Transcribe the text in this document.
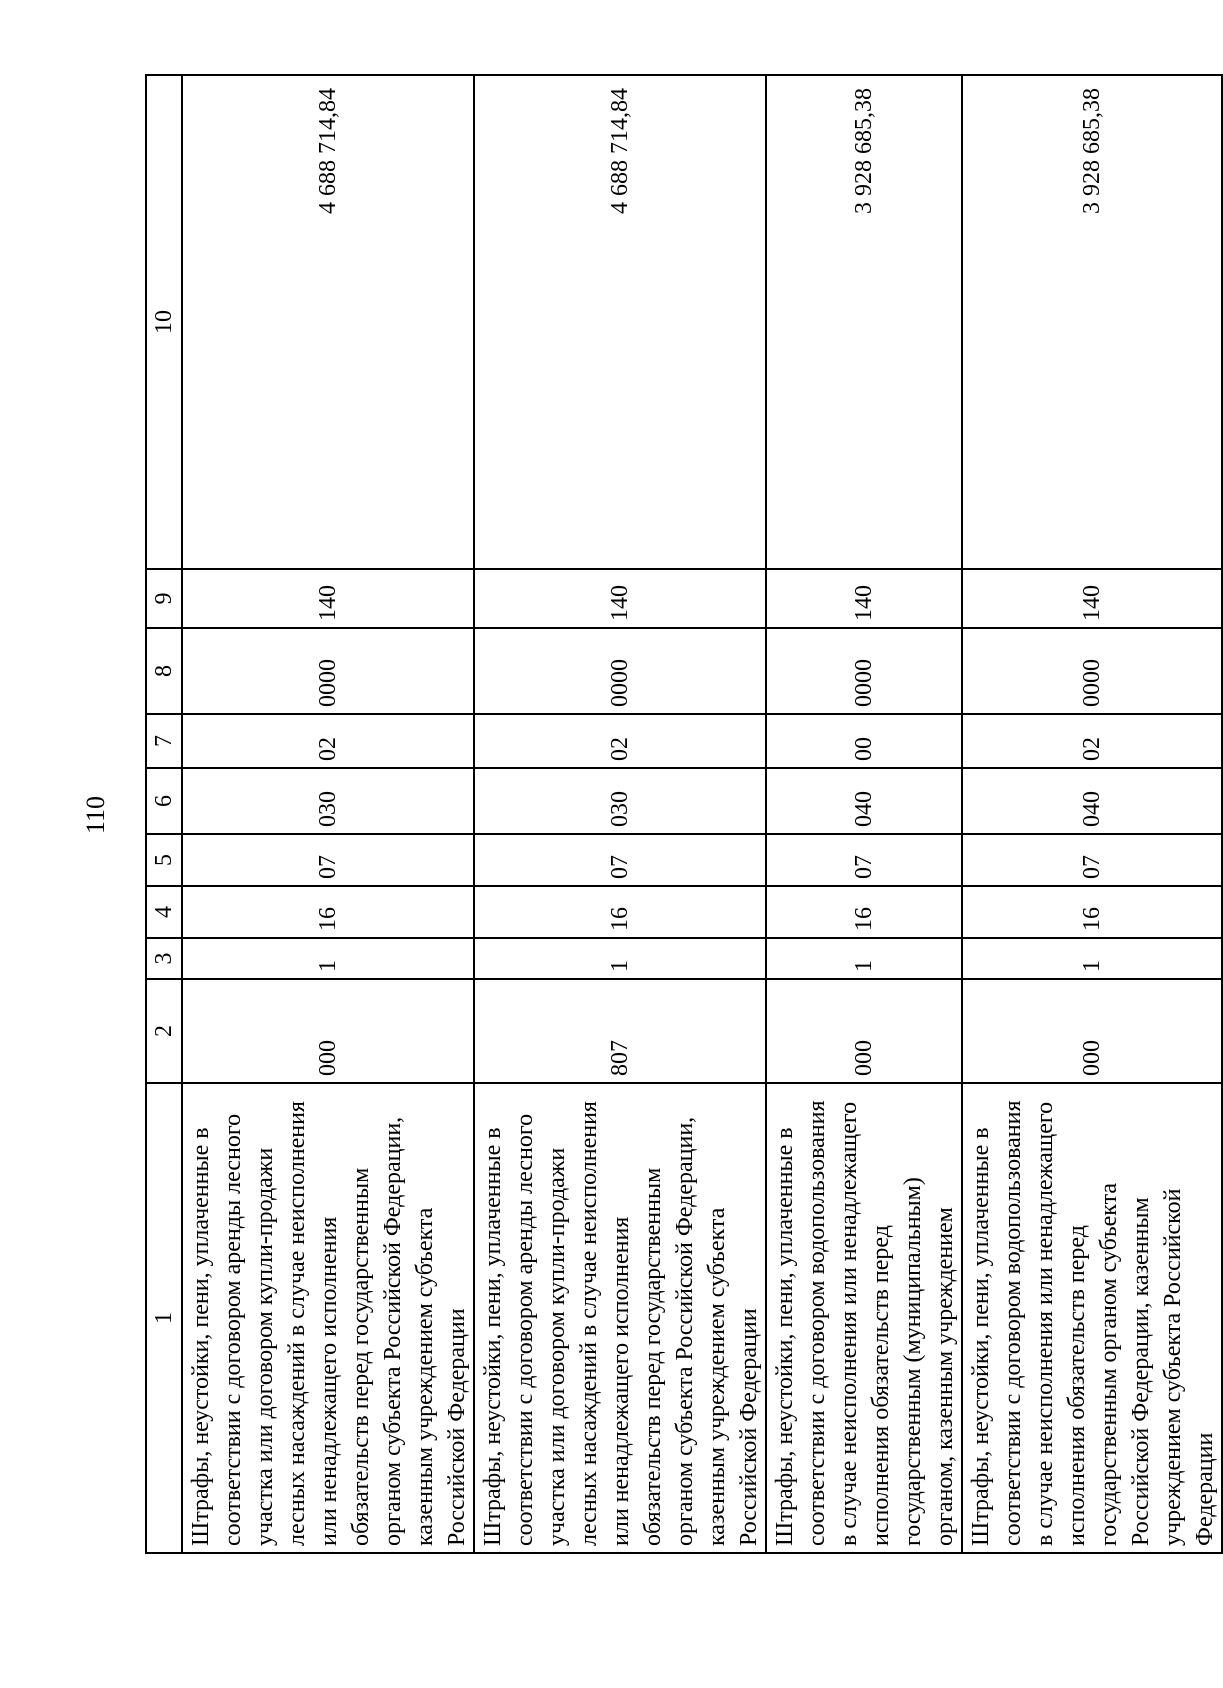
110
1	2	3	4	5	6	7	8	9	10
Штрафы, неустойки, пени, уплаченные в соответствии с договором аренды лесного участка или договором купли-продажи лесных насаждений в случае неисполнения или ненадлежащего исполнения обязательств перед государственным органом субъекта Российской Федерации, казенным учреждением субъекта Российской Федерации	000	1	16	07	030	02	0000	140	4 688 714,84
Штрафы, неустойки, пени, уплаченные в соответствии с договором аренды лесного участка или договором купли-продажи лесных насаждений в случае неисполнения или ненадлежащего исполнения обязательств перед государственным органом субъекта Российской Федерации, казенным учреждением субъекта Российской Федерации	807	1	16	07	030	02	0000	140	4 688 714,84
Штрафы, неустойки, пени, уплаченные в соответствии с договором водопользования в случае неисполнения или ненадлежащего исполнения обязательств перед государственным (муниципальным) органом, казенным учреждением	000	1	16	07	040	00	0000	140	3 928 685,38
Штрафы, неустойки, пени, уплаченные в соответствии с договором водопользования в случае неисполнения или ненадлежащего исполнения обязательств перед государственным органом субъекта Российской Федерации, казенным учреждением субъекта Российской Федерации	000	1	16	07	040	02	0000	140	3 928 685,38
